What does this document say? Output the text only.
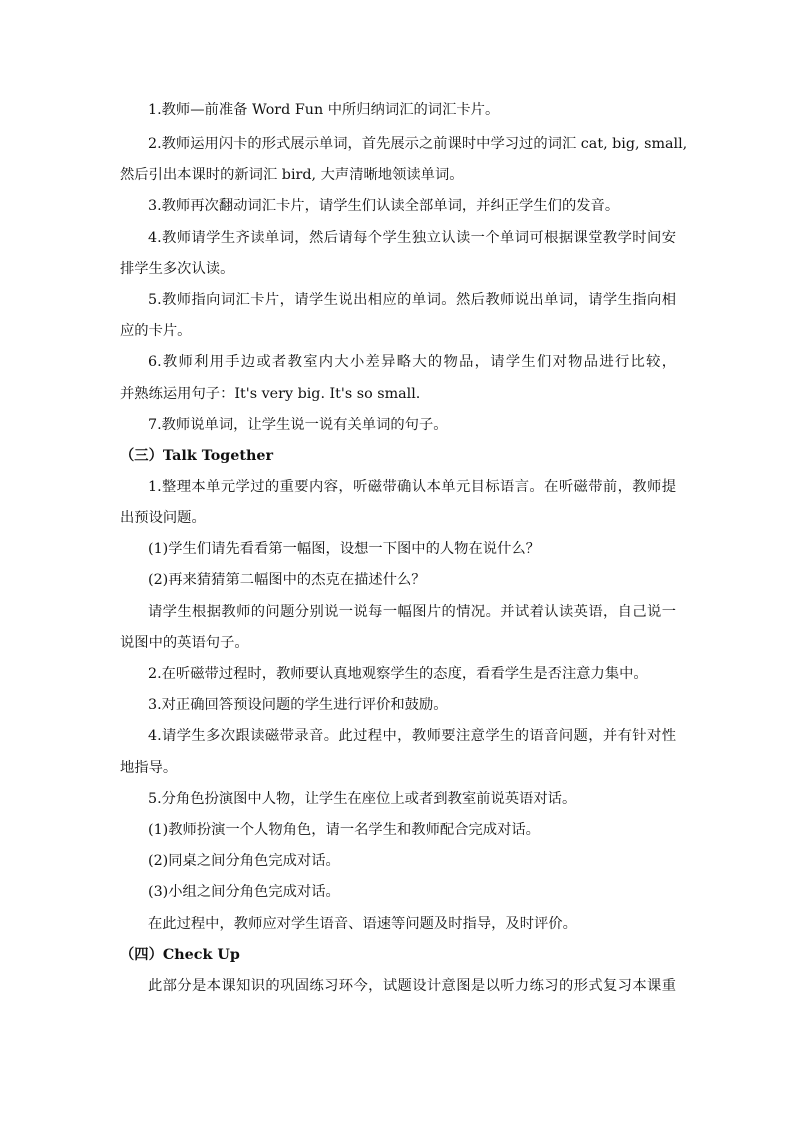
1.教师—前准备 Word Fun 中所归纳词汇的词汇卡片。
2.教师运用闪卡的形式展示单词，首先展示之前课时中学习过的词汇 cat, big, small,
然后引出本课时的新词汇 bird, 大声清晰地领读单词。
3.教师再次翻动词汇卡片，请学生们认读全部单词，并纠正学生们的发音。
4.教师请学生齐读单词，然后请每个学生独立认读一个单词可根据课堂教学时间安
排学生多次认读。
5.教师指向词汇卡片，请学生说出相应的单词。然后教师说出单词，请学生指向相
应的卡片。
6.教师利用手边或者教室内大小差异略大的物品，请学生们对物品进行比较，
并熟练运用句子：It's very big. It's so small.
7.教师说单词，让学生说一说有关单词的句子。
（三）Talk Together
1.整理本单元学过的重要内容，听磁带确认本单元目标语言。在听磁带前，教师提
出预设问题。
(1)学生们请先看看第一幅图，设想一下图中的人物在说什么？
(2)再来猜猜第二幅图中的杰克在描述什么？
请学生根据教师的问题分别说一说每一幅图片的情况。并试着认读英语，自己说一
说图中的英语句子。
2.在听磁带过程时，教师要认真地观察学生的态度，看看学生是否注意力集中。
3.对正确回答预设问题的学生进行评价和鼓励。
4.请学生多次跟读磁带录音。此过程中，教师要注意学生的语音问题，并有针对性
地指导。
5.分角色扮演图中人物，让学生在座位上或者到教室前说英语对话。
(1)教师扮演一个人物角色，请一名学生和教师配合完成对话。
(2)同桌之间分角色完成对话。
(3)小组之间分角色完成对话。
在此过程中，教师应对学生语音、语速等问题及时指导，及时评价。
（四）Check Up
此部分是本课知识的巩固练习环今，试题设计意图是以听力练习的形式复习本课重
